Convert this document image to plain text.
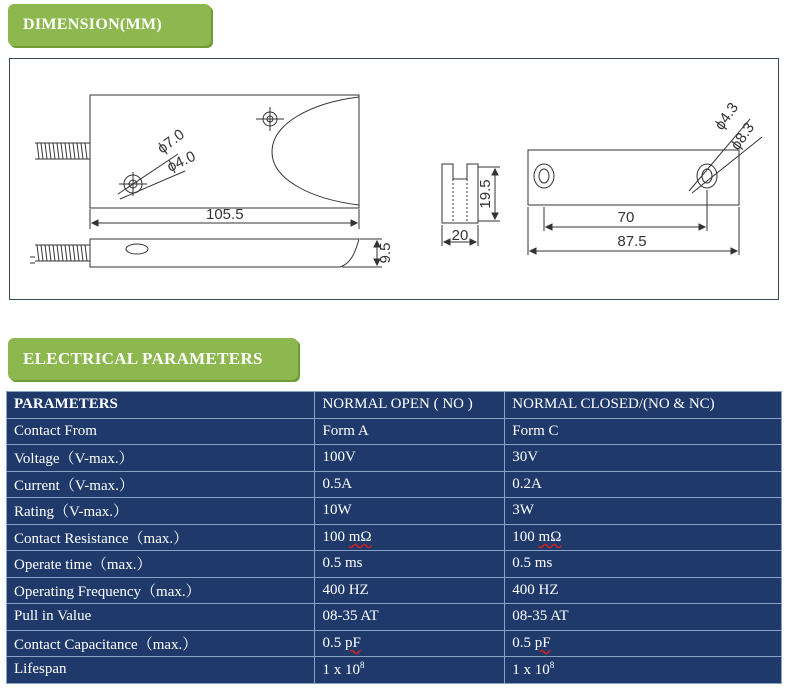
DIMENSION(MM)
105.5
ϕ7.0
ϕ4.0
9.5
20
19.5
70
87.5
ϕ4.3
ϕ8.3
ELECTRICAL PARAMETERS
PARAMETERS	NORMAL OPEN ( NO )	NORMAL CLOSED/(NO & NC)
Contact From	Form A	Form C
Voltage（V-max.）	100V	30V
Current（V-max.）	0.5A	0.2A
Rating（V-max.）	10W	3W
Contact Resistance（max.）	100 mΩ	100 mΩ
Operate time（max.）	0.5 ms	0.5 ms
Operating Frequency（max.）	400 HZ	400 HZ
Pull in Value	08-35 AT	08-35 AT
Contact Capacitance（max.）	0.5 pF	0.5 pF
Lifespan	1 x $10^8$	1 x $10^8$
